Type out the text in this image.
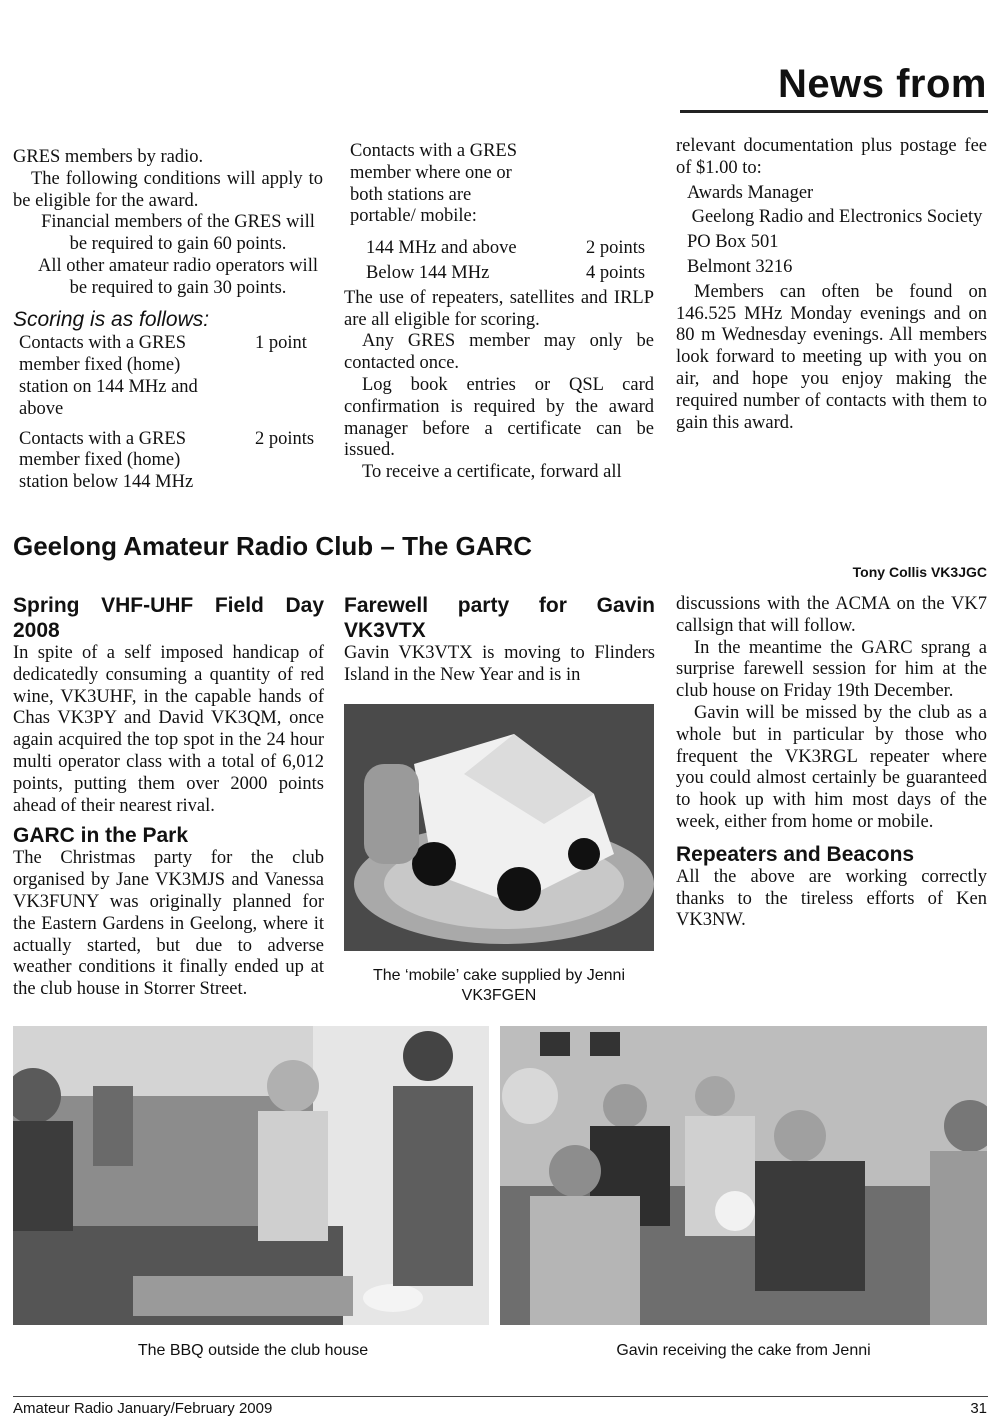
News from

GRES members by radio.

The following conditions will apply to be eligible for the award.

Financial members of the GRES will be required to gain 60 points.

All other amateur radio operators will be required to gain 30 points.

Scoring is as follows:

Contacts with a GRES member fixed (home) station on 144 MHz and above
1 point
Contacts with a GRES member fixed (home) station below 144 MHz
2 points

Contacts with a GRES member where one or both stations are portable/ mobile:

144 MHz and above	2 points
Below 144 MHz	4 points

The use of repeaters, satellites and IRLP are all eligible for scoring.

Any GRES member may only be contacted once.

Log book entries or QSL card confirmation is required by the award manager before a certificate can be issued.

To receive a certificate, forward all

relevant documentation plus postage fee of $1.00 to:

Awards Manager

Geelong Radio and Electronics Society

PO Box 501

Belmont 3216

Members can often be found on 146.525 MHz Monday evenings and on 80 m Wednesday evenings. All members look forward to meeting up with you on air, and hope you enjoy making the required number of contacts with them to gain this award.

Geelong Amateur Radio Club – The GARC
Tony Collis VK3JGC

Spring VHF-UHF Field Day 2008

In spite of a self imposed handicap of dedicatedly consuming a quantity of red wine, VK3UHF, in the capable hands of Chas VK3PY and David VK3QM, once again acquired the top spot in the 24 hour multi operator class with a total of 6,012 points, putting them over 2000 points ahead of their nearest rival.

GARC in the Park

The Christmas party for the club organised by Jane VK3MJS and Vanessa VK3FUNY was originally planned for the Eastern Gardens in Geelong, where it actually started, but due to adverse weather conditions it finally ended up at the club house in Storrer Street.

Farewell party for Gavin VK3VTX

Gavin VK3VTX is moving to Flinders Island in the New Year and is in

The ‘mobile’ cake supplied by Jenni VK3FGEN

discussions with the ACMA on the VK7 callsign that will follow.

In the meantime the GARC sprang a surprise farewell session for him at the club house on Friday 19th December.

Gavin will be missed by the club as a whole but in particular by those who frequent the VK3RGL repeater where you could almost certainly be guaranteed to hook up with him most days of the week, either from home or mobile.

Repeaters and Beacons

All the above are working correctly thanks to the tireless efforts of Ken VK3NW.

The BBQ outside the club house	Gavin receiving the cake from Jenni
Amateur Radio January/February 2009	31
